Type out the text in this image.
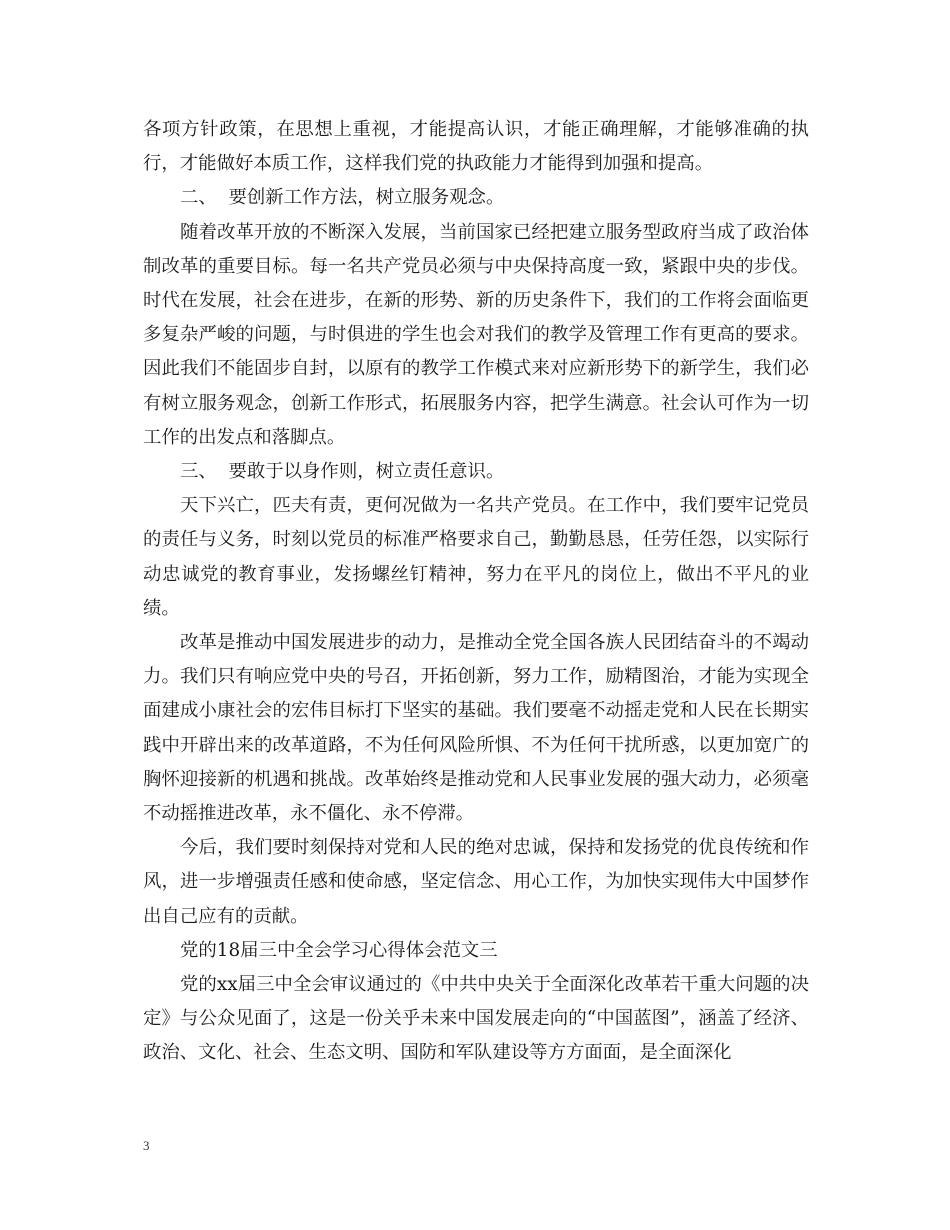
各项方针政策，在思想上重视，才能提高认识，才能正确理解，才能够准确的执行，才能做好本质工作，这样我们党的执政能力才能得到加强和提高。

二、  要创新工作方法，树立服务观念。

随着改革开放的不断深入发展，当前国家已经把建立服务型政府当成了政治体制改革的重要目标。每一名共产党员必须与中央保持高度一致，紧跟中央的步伐。时代在发展，社会在进步，在新的形势、新的历史条件下，我们的工作将会面临更多复杂严峻的问题，与时俱进的学生也会对我们的教学及管理工作有更高的要求。因此我们不能固步自封，以原有的教学工作模式来对应新形势下的新学生，我们必有树立服务观念，创新工作形式，拓展服务内容，把学生满意。社会认可作为一切工作的出发点和落脚点。

三、  要敢于以身作则，树立责任意识。

天下兴亡，匹夫有责，更何况做为一名共产党员。在工作中，我们要牢记党员的责任与义务，时刻以党员的标准严格要求自己，勤勤恳恳，任劳任怨，以实际行动忠诚党的教育事业，发扬螺丝钉精神，努力在平凡的岗位上，做出不平凡的业绩。

改革是推动中国发展进步的动力，是推动全党全国各族人民团结奋斗的不竭动力。我们只有响应党中央的号召，开拓创新，努力工作，励精图治，才能为实现全面建成小康社会的宏伟目标打下坚实的基础。我们要毫不动摇走党和人民在长期实践中开辟出来的改革道路，不为任何风险所惧、不为任何干扰所惑，以更加宽广的胸怀迎接新的机遇和挑战。改革始终是推动党和人民事业发展的强大动力，必须毫不动摇推进改革，永不僵化、永不停滞。

今后，我们要时刻保持对党和人民的绝对忠诚，保持和发扬党的优良传统和作风，进一步增强责任感和使命感，坚定信念、用心工作，为加快实现伟大中国梦作出自己应有的贡献。

党的18届三中全会学习心得体会范文三

党的xx届三中全会审议通过的《中共中央关于全面深化改革若干重大问题的决定》与公众见面了，这是一份关乎未来中国发展走向的“中国蓝图”，涵盖了经济、政治、文化、社会、生态文明、国防和军队建设等方方面面，是全面深化

3
